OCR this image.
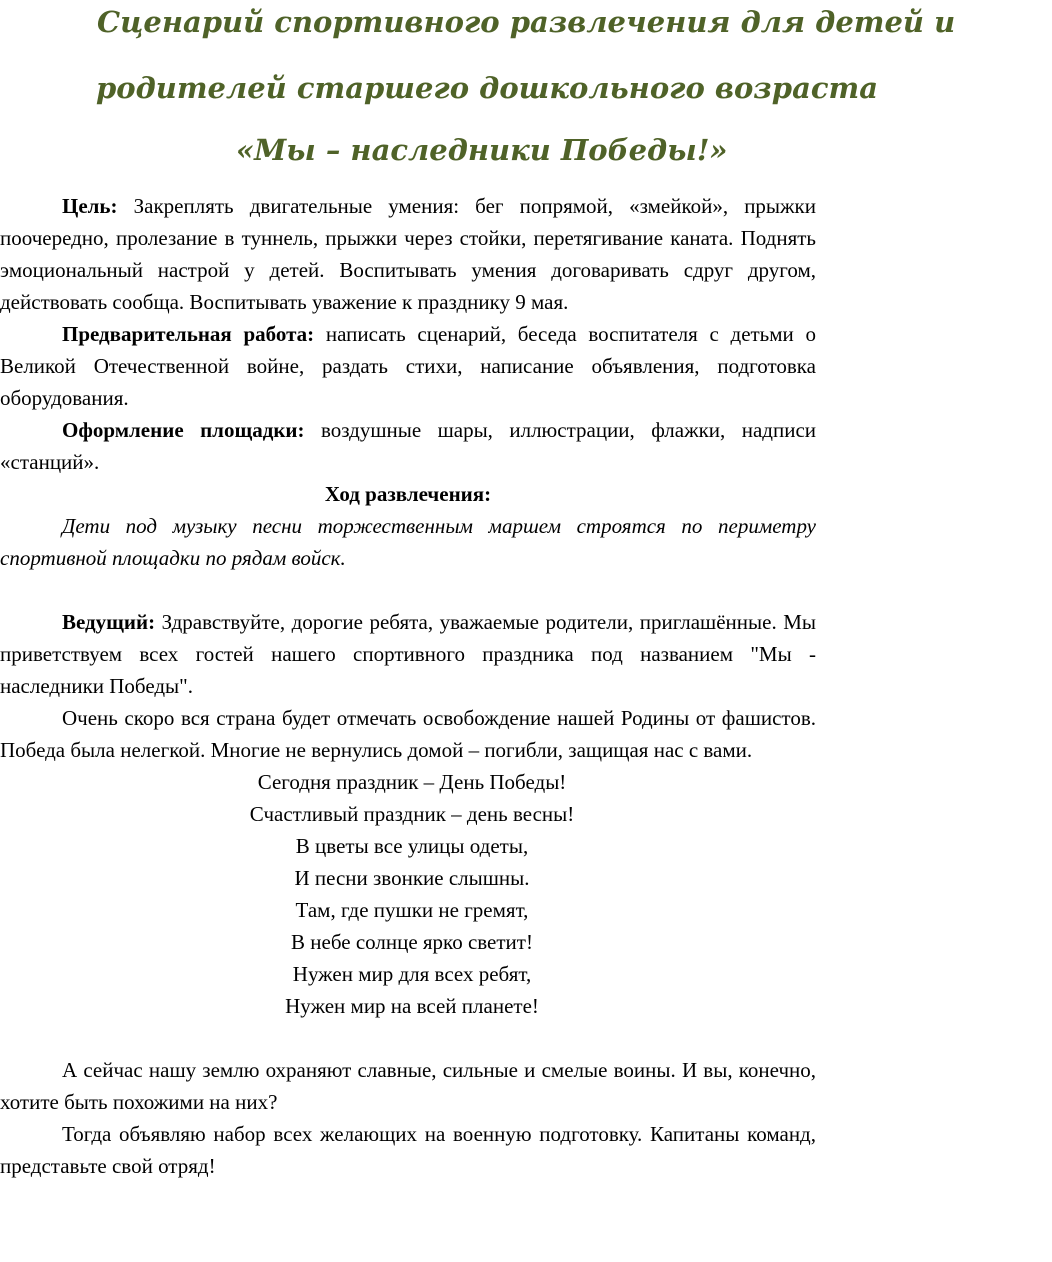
Сценарий спортивного развлечения для детей и
родителей старшего дошкольного возраста
«Мы – наследники Победы!»

Цель: Закреплять двигательные умения: бег попрямой, «змейкой», прыжки поочередно, пролезание в туннель, прыжки через стойки, перетягивание каната. Поднять эмоциональный настрой у детей. Воспитывать умения договаривать сдруг другом, действовать сообща. Воспитывать уважение к празднику 9 мая.

Предварительная работа: написать сценарий, беседа воспитателя с детьми о Великой Отечественной войне, раздать стихи, написание объявления, подготовка оборудования.

Оформление площадки: воздушные шары, иллюстрации, флажки, надписи «станций».

Ход развлечения:

Дети под музыку песни торжественным маршем строятся по периметру спортивной площадки по рядам войск.

Ведущий: Здравствуйте, дорогие ребята, уважаемые родители, приглашённые. Мы приветствуем всех гостей нашего спортивного праздника под названием "Мы - наследники Победы".

Очень скоро вся страна будет отмечать освобождение нашей Родины от фашистов. Победа была нелегкой. Многие не вернулись домой – погибли, защищая нас с вами.

Сегодня праздник – День Победы!
Счастливый праздник – день весны!
В цветы все улицы одеты,
И песни звонкие слышны.
Там, где пушки не гремят,
В небе солнце ярко светит!
Нужен мир для всех ребят,
Нужен мир на всей планете!

А сейчас нашу землю охраняют славные, сильные и смелые воины. И вы, конечно, хотите быть похожими на них?

Тогда объявляю набор всех желающих на военную подготовку. Капитаны команд, представьте свой отряд!
